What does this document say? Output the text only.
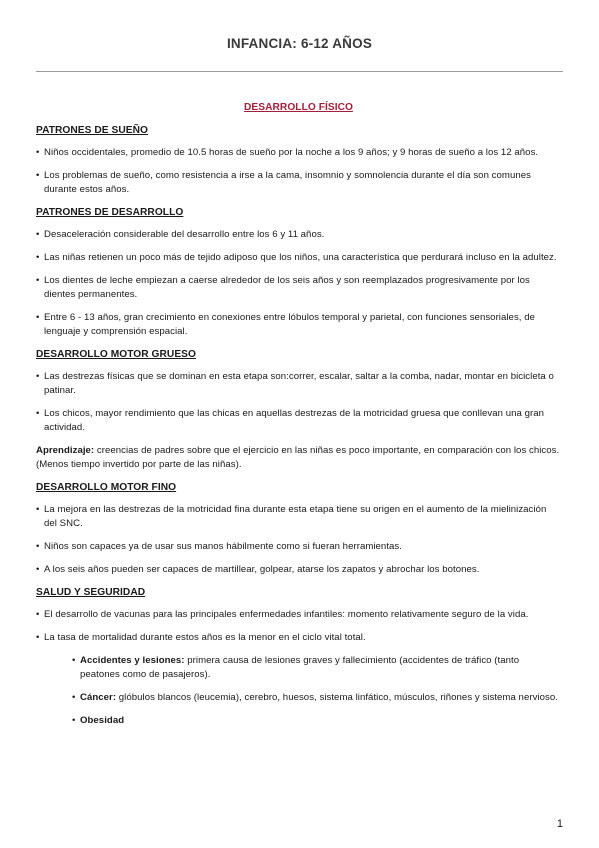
INFANCIA: 6-12 AÑOS
DESARROLLO FÍSICO
PATRONES DE SUEÑO
• Niños occidentales, promedio de 10.5 horas de sueño por la noche a los 9 años; y 9 horas de sueño a los 12 años.
• Los problemas de sueño, como resistencia a irse a la cama, insomnio y somnolencia durante el día son comunes durante estos años.
PATRONES DE DESARROLLO
• Desaceleración considerable del desarrollo entre los 6 y 11 años.
• Las niñas retienen un poco más de tejido adiposo que los niños, una característica que perdurará incluso en la adultez.
• Los dientes de leche empiezan a caerse alrededor de los seis años y son reemplazados progresivamente por los dientes permanentes.
• Entre 6 - 13 años, gran crecimiento en conexiones entre lóbulos temporal y parietal, con funciones sensoriales, de lenguaje y comprensión espacial.
DESARROLLO MOTOR GRUESO
• Las destrezas físicas que se dominan en esta etapa son:correr, escalar, saltar a la comba, nadar, montar en bicicleta o patinar.
• Los chicos, mayor rendimiento que las chicas en aquellas destrezas de la motricidad gruesa que conllevan una gran actividad.
Aprendizaje: creencias de padres sobre que el ejercicio en las niñas es poco importante, en comparación con los chicos. (Menos tiempo invertido por parte de las niñas).
DESARROLLO MOTOR FINO
• La mejora en las destrezas de la motricidad fina durante esta etapa tiene su origen en el aumento de la mielinización del SNC.
• Niños son capaces ya de usar sus manos hábilmente como si fueran herramientas.
• A los seis años pueden ser capaces de martillear, golpear, atarse los zapatos y abrochar los botones.
SALUD Y SEGURIDAD
• El desarrollo de vacunas para las principales enfermedades infantiles: momento relativamente seguro de la vida.
• La tasa de mortalidad durante estos años es la menor en el ciclo vital total.
• Accidentes y lesiones: primera causa de lesiones graves y fallecimiento (accidentes de tráfico (tanto peatones como de pasajeros).
• Cáncer: glóbulos blancos (leucemia), cerebro, huesos, sistema linfático, músculos, riñones y sistema nervioso.
• Obesidad
1
